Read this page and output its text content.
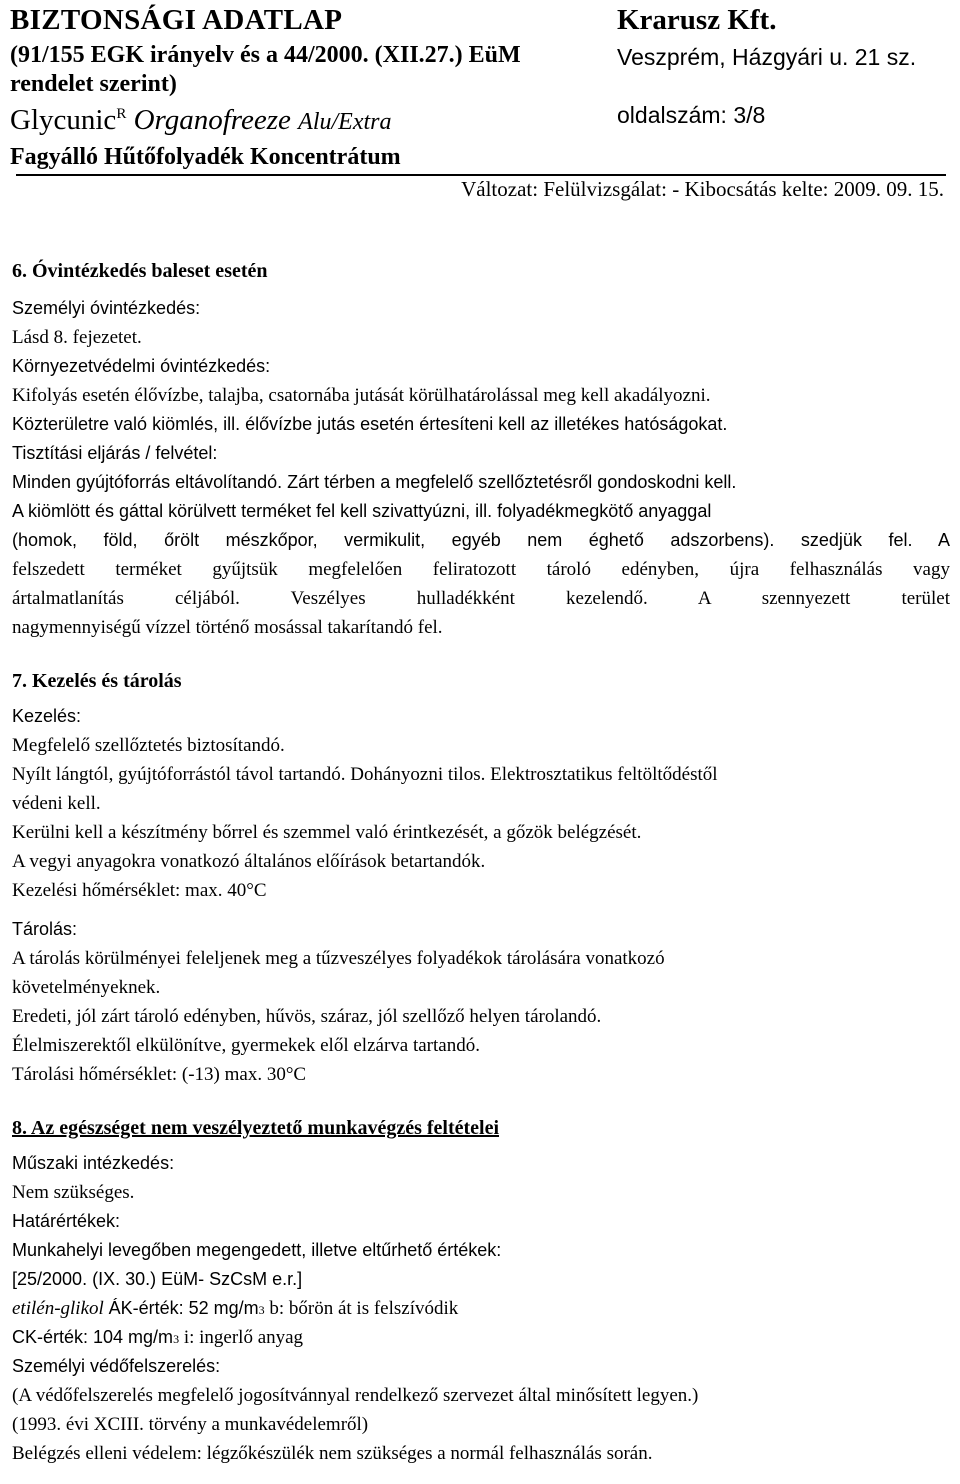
BIZTONSÁGI ADATLAP	Krarusz Kft.
(91/155 EGK irányelv és a 44/2000. (XII.27.) EüM	Veszprém, Házgyári u. 21 sz.
rendelet szerint)
Glycunic$^R$ Organofreeze Alu/Extra	oldalszám: 3/8
Fagyálló Hűtőfolyadék Koncentrátum
Változat: Felülvizsgálat: - Kibocsátás kelte: 2009. 09. 15.
6. Óvintézkedés baleset esetén
Személyi óvintézkedés:
Lásd 8. fejezetet.
Környezetvédelmi óvintézkedés:
Kifolyás esetén élővízbe, talajba, csatornába jutását körülhatárolással meg kell akadályozni.
Közterületre való kiömlés, ill. élővízbe jutás esetén értesíteni kell az illetékes hatóságokat.
Tisztítási eljárás / felvétel:
Minden gyújtóforrás eltávolítandó. Zárt térben a megfelelő szellőztetésről gondoskodni kell.
A kiömlött és gáttal körülvett terméket fel kell szivattyúzni, ill. folyadékmegkötő anyaggal
(homok, föld, őrölt mészkőpor, vermikulit, egyéb nem éghető adszorbens). szedjük fel. A
felszedett terméket gyűjtsük megfelelően feliratozott tároló edényben, újra felhasználás vagy
ártalmatlanítás céljából. Veszélyes hulladékként kezelendő. A szennyezett terület
nagymennyiségű vízzel történő mosással takarítandó fel.
7. Kezelés és tárolás
Kezelés:
Megfelelő szellőztetés biztosítandó.
Nyílt lángtól, gyújtóforrástól távol tartandó. Dohányozni tilos. Elektrosztatikus feltöltődéstől
védeni kell.
Kerülni kell a készítmény bőrrel és szemmel való érintkezését, a gőzök belégzését.
A vegyi anyagokra vonatkozó általános előírások betartandók.
Kezelési hőmérséklet: max. 40°C
Tárolás:
A tárolás körülményei feleljenek meg a tűzveszélyes folyadékok tárolására vonatkozó
követelményeknek.
Eredeti, jól zárt tároló edényben, hűvös, száraz, jól szellőző helyen tárolandó.
Élelmiszerektől elkülönítve, gyermekek elől elzárva tartandó.
Tárolási hőmérséklet: (-13) max. 30°C
8. Az egészséget nem veszélyeztető munkavégzés feltételei
Műszaki intézkedés:
Nem szükséges.
Határértékek:
Munkahelyi levegőben megengedett, illetve eltűrhető értékek:
[25/2000. (IX. 30.) EüM- SzCsM e.r.]
etilén-glikol ÁK-érték: 52 mg/m3 b: bőrön át is felszívódik
CK-érték: 104 mg/m3 i: ingerlő anyag
Személyi védőfelszerelés:
(A védőfelszerelés megfelelő jogosítvánnyal rendelkező szervezet által minősített legyen.)
(1993. évi XCIII. törvény a munkavédelemről)
Belégzés elleni védelem: légzőkészülék nem szükséges a normál felhasználás során.
